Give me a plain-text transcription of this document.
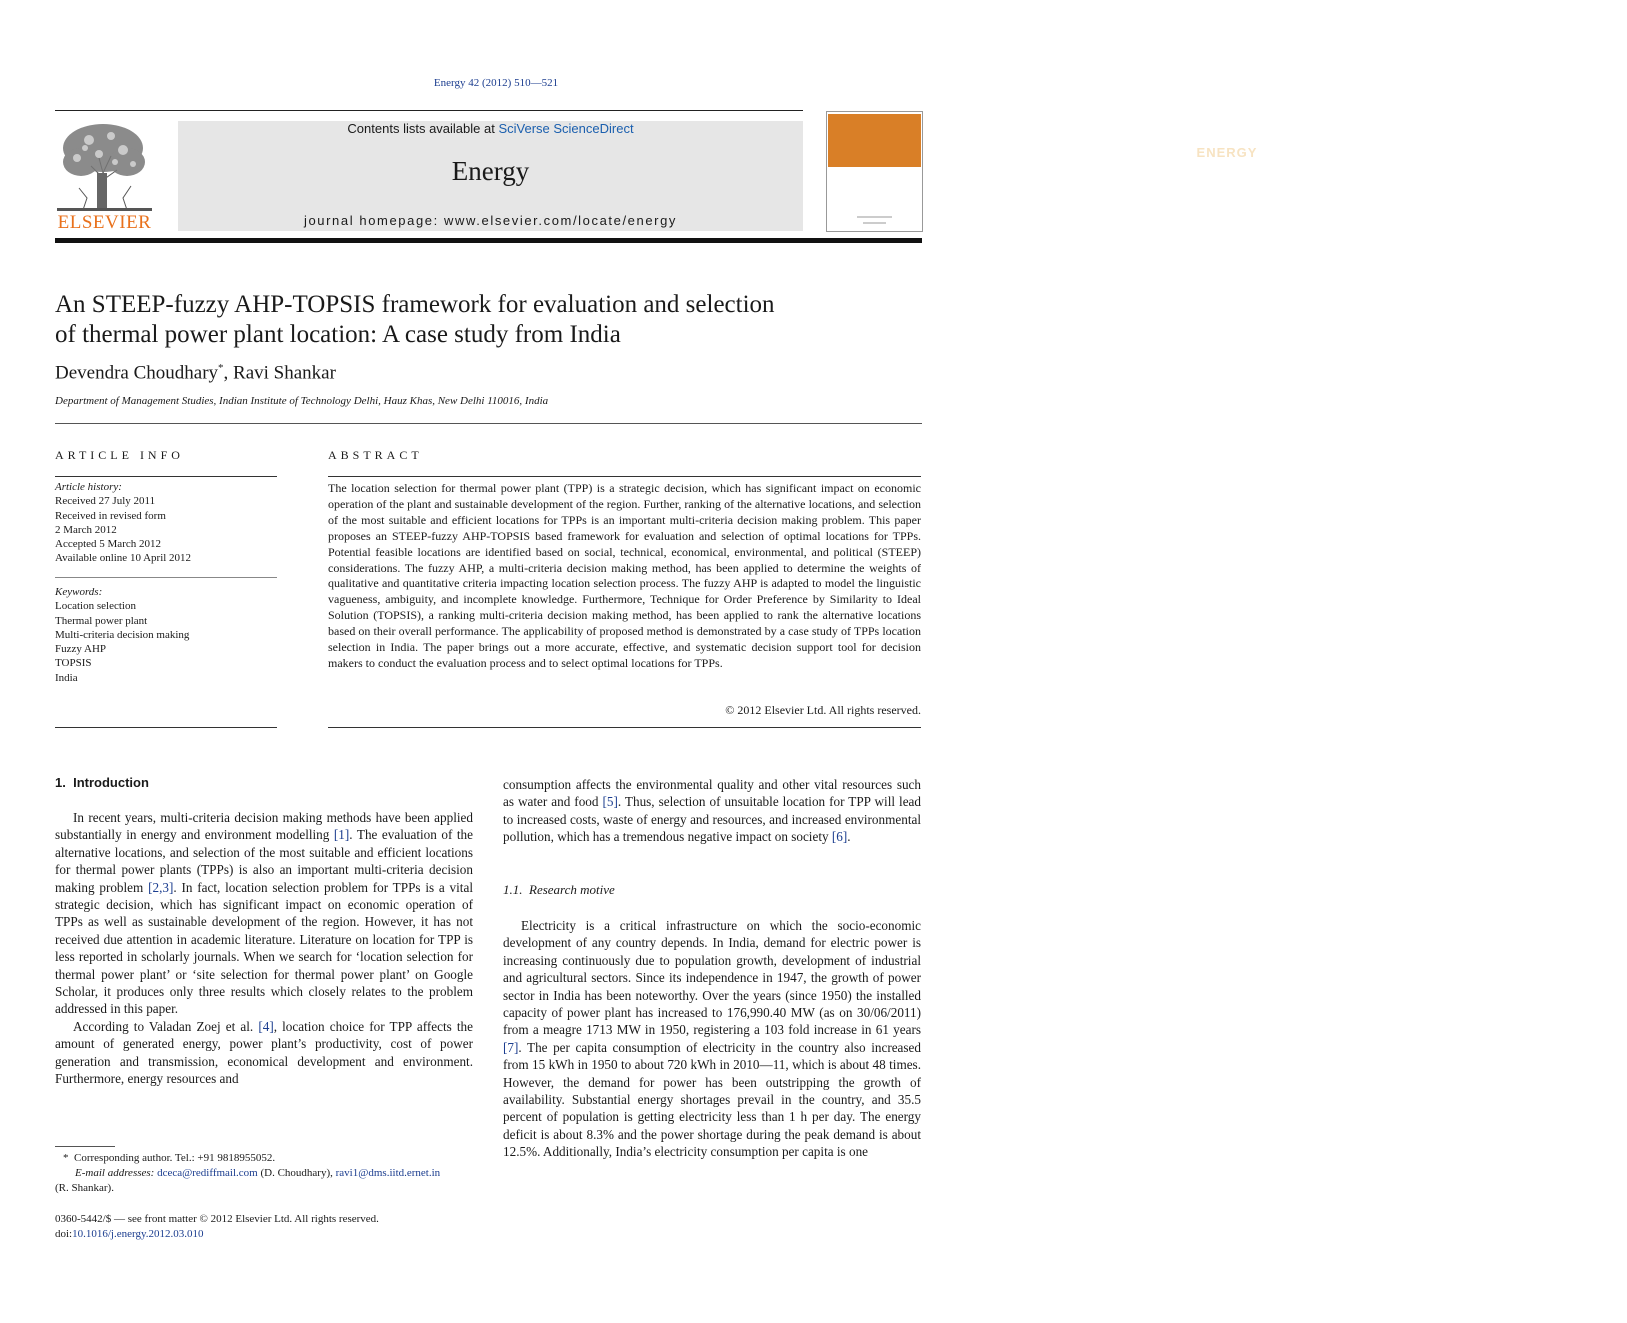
Energy 42 (2012) 510—521
ELSEVIER
Contents lists available at SciVerse ScienceDirect
Energy
journal homepage: www.elsevier.com/locate/energy
ENERGY
An STEEP-fuzzy AHP-TOPSIS framework for evaluation and selection
of thermal power plant location: A case study from India
Devendra Choudhary*, Ravi Shankar
Department of Management Studies, Indian Institute of Technology Delhi, Hauz Khas, New Delhi 110016, India
ARTICLE INFO
Article history:
Received 27 July 2011
Received in revised form
2 March 2012
Accepted 5 March 2012
Available online 10 April 2012
Keywords:
Location selection
Thermal power plant
Multi-criteria decision making
Fuzzy AHP
TOPSIS
India
ABSTRACT
The location selection for thermal power plant (TPP) is a strategic decision, which has significant impact on economic operation of the plant and sustainable development of the region. Further, ranking of the alternative locations, and selection of the most suitable and efficient locations for TPPs is an important multi-criteria decision making problem. This paper proposes an STEEP-fuzzy AHP-TOPSIS based framework for evaluation and selection of optimal locations for TPPs. Potential feasible locations are identified based on social, technical, economical, environmental, and political (STEEP) considerations. The fuzzy AHP, a multi-criteria decision making method, has been applied to determine the weights of qualitative and quantitative criteria impacting location selection process. The fuzzy AHP is adapted to model the linguistic vagueness, ambiguity, and incomplete knowledge. Furthermore, Technique for Order Preference by Similarity to Ideal Solution (TOPSIS), a ranking multi-criteria decision making method, has been applied to rank the alternative locations based on their overall performance. The applicability of proposed method is demonstrated by a case study of TPPs location selection in India. The paper brings out a more accurate, effective, and systematic decision support tool for decision makers to conduct the evaluation process and to select optimal locations for TPPs.
© 2012 Elsevier Ltd. All rights reserved.
1. Introduction

In recent years, multi-criteria decision making methods have been applied substantially in energy and environment modelling [1]. The evaluation of the alternative locations, and selection of the most suitable and efficient locations for thermal power plants (TPPs) is also an important multi-criteria decision making problem [2,3]. In fact, location selection problem for TPPs is a vital strategic decision, which has significant impact on economic operation of TPPs as well as sustainable development of the region. However, it has not received due attention in academic literature. Literature on location for TPP is less reported in scholarly journals. When we search for ‘location selection for thermal power plant’ or ‘site selection for thermal power plant’ on Google Scholar, it produces only three results which closely relates to the problem addressed in this paper.

According to Valadan Zoej et al. [4], location choice for TPP affects the amount of generated energy, power plant’s productivity, cost of power generation and transmission, economical development and environment. Furthermore, energy resources and

* Corresponding author. Tel.: +91 9818955052.
E-mail addresses: dceca@rediffmail.com (D. Choudhary), ravi1@dms.iitd.ernet.in
(R. Shankar).
0360-5442/$ — see front matter © 2012 Elsevier Ltd. All rights reserved.
doi:10.1016/j.energy.2012.03.010

consumption affects the environmental quality and other vital resources such as water and food [5]. Thus, selection of unsuitable location for TPP will lead to increased costs, waste of energy and resources, and increased environmental pollution, which has a tremendous negative impact on society [6].

1.1. Research motive

Electricity is a critical infrastructure on which the socio-economic development of any country depends. In India, demand for electric power is increasing continuously due to population growth, development of industrial and agricultural sectors. Since its independence in 1947, the growth of power sector in India has been noteworthy. Over the years (since 1950) the installed capacity of power plant has increased to 176,990.40 MW (as on 30/06/2011) from a meagre 1713 MW in 1950, registering a 103 fold increase in 61 years [7]. The per capita consumption of electricity in the country also increased from 15 kWh in 1950 to about 720 kWh in 2010—11, which is about 48 times. However, the demand for power has been outstripping the growth of availability. Substantial energy shortages prevail in the country, and 35.5 percent of population is getting electricity less than 1 h per day. The energy deficit is about 8.3% and the power shortage during the peak demand is about 12.5%. Additionally, India’s electricity consumption per capita is one
